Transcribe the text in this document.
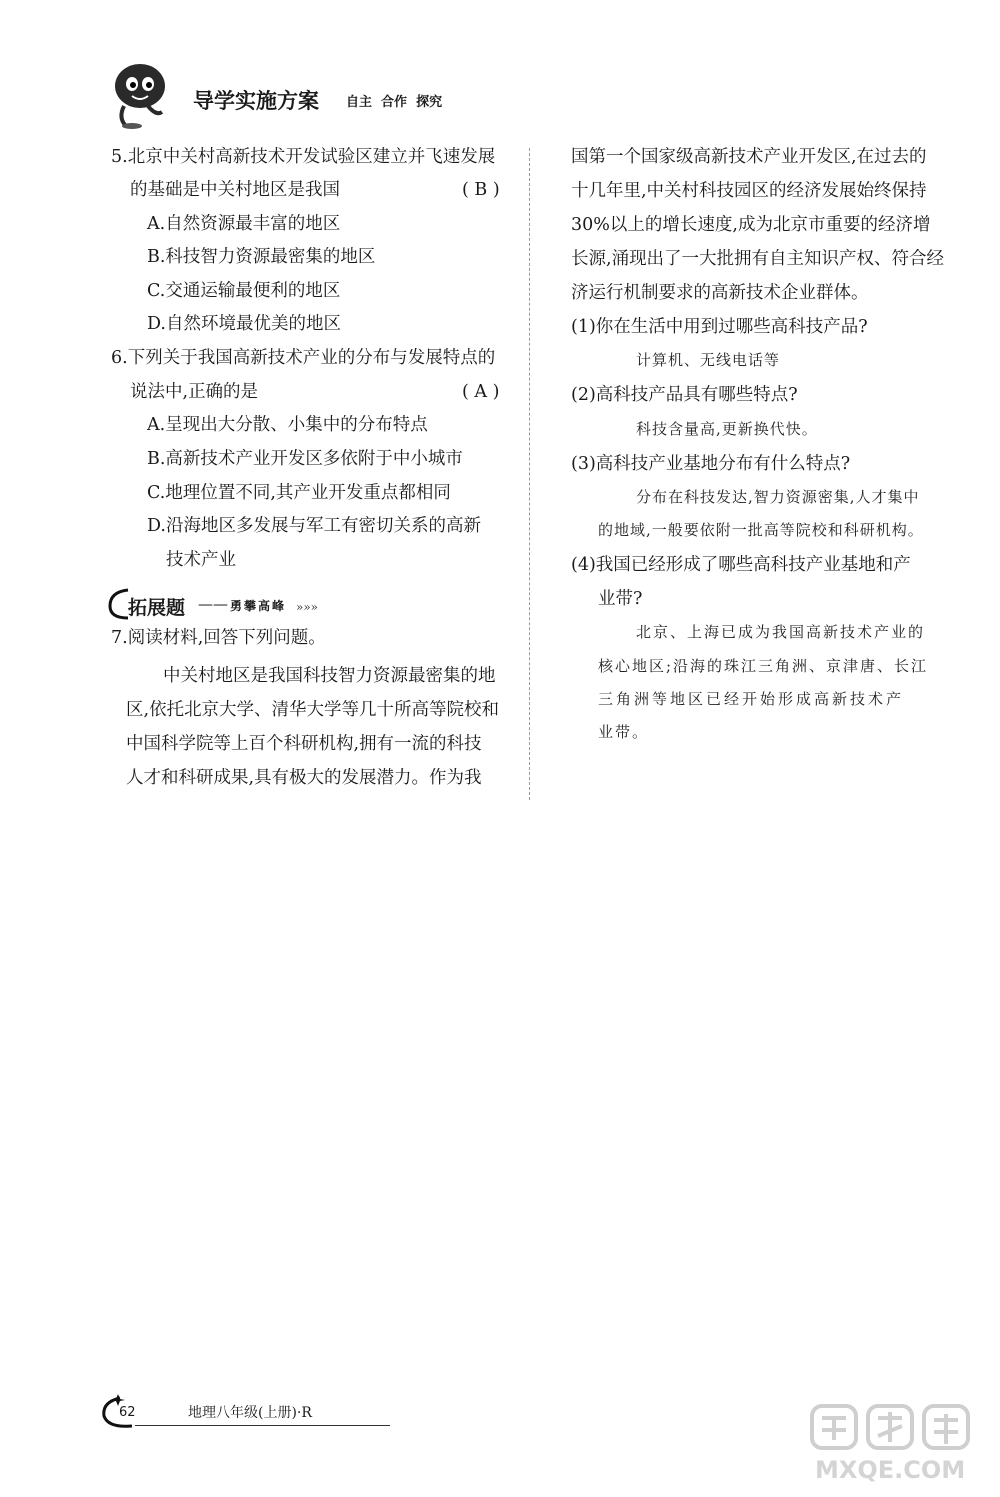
导学实施方案 自主  合作  探究
5.北京中关村高新技术开发试验区建立并飞速发展
的基础是中关村地区是我国	( B )
A.自然资源最丰富的地区
B.科技智力资源最密集的地区
C.交通运输最便利的地区
D.自然环境最优美的地区
6.下列关于我国高新技术产业的分布与发展特点的
说法中,正确的是	( A )
A.呈现出大分散、小集中的分布特点
B.高新技术产业开发区多依附于中小城市
C.地理位置不同,其产业开发重点都相同
D.沿海地区多发展与军工有密切关系的高新
技术产业
拓展题 —— 勇攀高峰 »»»
7.阅读材料,回答下列问题。
中关村地区是我国科技智力资源最密集的地
区,依托北京大学、清华大学等几十所高等院校和
中国科学院等上百个科研机构,拥有一流的科技
人才和科研成果,具有极大的发展潜力。作为我
国第一个国家级高新技术产业开发区,在过去的
十几年里,中关村科技园区的经济发展始终保持
30%以上的增长速度,成为北京市重要的经济增
长源,涌现出了一大批拥有自主知识产权、符合经
济运行机制要求的高新技术企业群体。
(1)你在生活中用到过哪些高科技产品?
计算机、无线电话等
(2)高科技产品具有哪些特点?
科技含量高,更新换代快。
(3)高科技产业基地分布有什么特点?
分布在科技发达,智力资源密集,人才集中
的地域,一般要依附一批高等院校和科研机构。
(4)我国已经形成了哪些高科技产业基地和产
业带?
北京、上海已成为我国高新技术产业的
核心地区;沿海的珠江三角洲、京津唐、长江
三角洲等地区已经开始形成高新技术产
业带。
62	地理八年级(上册)·R
MXQE.COM
